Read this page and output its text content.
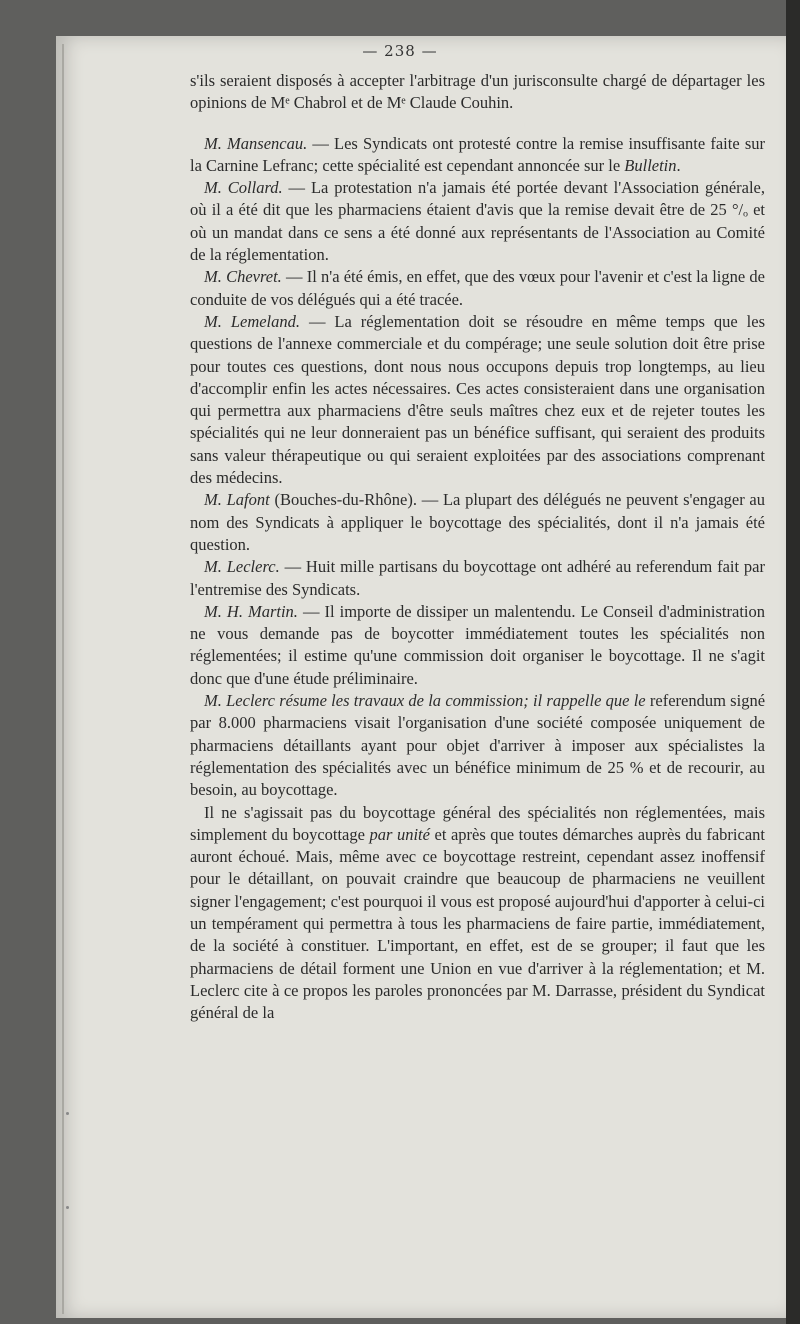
— 238 —

s'ils seraient disposés à accepter l'arbitrage d'un jurisconsulte chargé de départager les opinions de Mᵉ Chabrol et de Mᵉ Claude Couhin.

M. Mansencau. — Les Syndicats ont protesté contre la remise insuffisante faite sur la Carnine Lefranc; cette spécialité est cependant annoncée sur le Bulletin.

M. Collard. — La protestation n'a jamais été portée devant l'Association générale, où il a été dit que les pharmaciens étaient d'avis que la remise devait être de 25 °/ₒ et où un mandat dans ce sens a été donné aux représentants de l'Association au Comité de la réglementation.

M. Chevret. — Il n'a été émis, en effet, que des vœux pour l'avenir et c'est la ligne de conduite de vos délégués qui a été tracée.

M. Lemeland. — La réglementation doit se résoudre en même temps que les questions de l'annexe commerciale et du compérage; une seule solution doit être prise pour toutes ces questions, dont nous nous occupons depuis trop longtemps, au lieu d'accomplir enfin les actes nécessaires. Ces actes consisteraient dans une organisation qui permettra aux pharmaciens d'être seuls maîtres chez eux et de rejeter toutes les spécialités qui ne leur donneraient pas un bénéfice suffisant, qui seraient des produits sans valeur thérapeutique ou qui seraient exploitées par des associations comprenant des médecins.

M. Lafont (Bouches-du-Rhône). — La plupart des délégués ne peuvent s'engager au nom des Syndicats à appliquer le boycottage des spécialités, dont il n'a jamais été question.

M. Leclerc. — Huit mille partisans du boycottage ont adhéré au referendum fait par l'entremise des Syndicats.

M. H. Martin. — Il importe de dissiper un malentendu. Le Conseil d'administration ne vous demande pas de boycotter immédiatement toutes les spécialités non réglementées; il estime qu'une commission doit organiser le boycottage. Il ne s'agit donc que d'une étude préliminaire.

M. Leclerc résume les travaux de la commission; il rappelle que le referendum signé par 8.000 pharmaciens visait l'organisation d'une société composée uniquement de pharmaciens détaillants ayant pour objet d'arriver à imposer aux spécialistes la réglementation des spécialités avec un bénéfice minimum de 25 % et de recourir, au besoin, au boycottage.

Il ne s'agissait pas du boycottage général des spécialités non réglementées, mais simplement du boycottage par unité et après que toutes démarches auprès du fabricant auront échoué. Mais, même avec ce boycottage restreint, cependant assez inoffensif pour le détaillant, on pouvait craindre que beaucoup de pharmaciens ne veuillent signer l'engagement; c'est pourquoi il vous est proposé aujourd'hui d'apporter à celui-ci un tempérament qui permettra à tous les pharmaciens de faire partie, immédiatement, de la société à constituer. L'important, en effet, est de se grouper; il faut que les pharmaciens de détail forment une Union en vue d'arriver à la réglementation; et M. Leclerc cite à ce propos les paroles prononcées par M. Darrasse, président du Syndicat général de la
